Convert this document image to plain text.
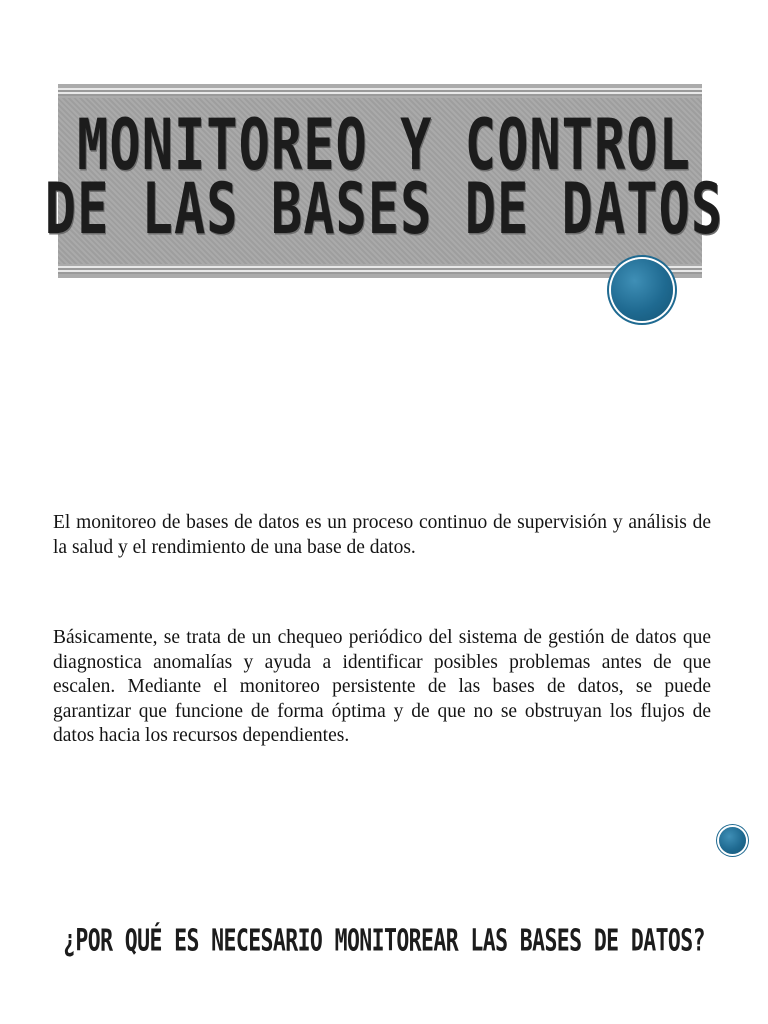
MONITOREO Y CONTROL
DE LAS BASES DE DATOS

El monitoreo de bases de datos es un proceso continuo de supervisión y análisis de la salud y el rendimiento de una base de datos.

Básicamente, se trata de un chequeo periódico del sistema de gestión de datos que diagnostica anomalías y ayuda a identificar posibles problemas antes de que escalen. Mediante el monitoreo persistente de las bases de datos, se puede garantizar que funcione de forma óptima y de que no se obstruyan los flujos de datos hacia los recursos dependientes.

¿POR QUÉ ES NECESARIO MONITOREAR LAS BASES DE DATOS?
